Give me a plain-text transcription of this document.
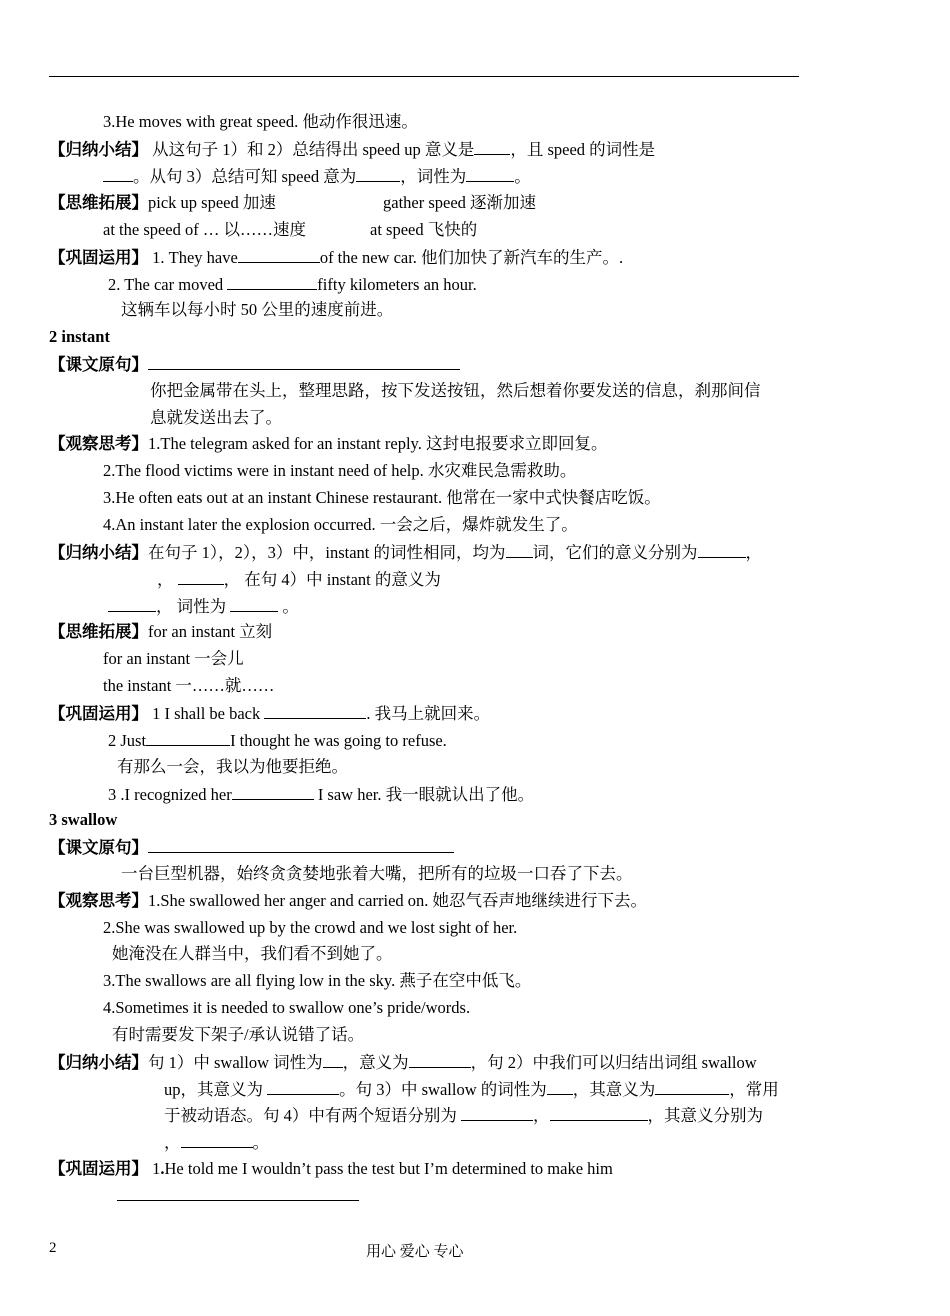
3.He moves with great speed. 他动作很迅速。
【归纳小结】 从这句子 1）和 2）总结得出 speed up 意义是 ，且 speed 的词性是
。从句 3）总结可知 speed 意为	，词性为	。
【思维拓展】pick up speed 加速	gather speed 逐渐加速
at the speed of … 以……速度	at speed 飞快的
【巩固运用】 1. They have	of the new car. 他们加快了新汽车的生产。.
2. The car moved	fifty kilometers an hour.
这辆车以每小时 50 公里的速度前进。
2 instant
【课文原句】
你把金属带在头上，整理思路，按下发送按钮，然后想着你要发送的信息，刹那间信
息就发送出去了。
【观察思考】1.The telegram asked for an instant reply. 这封电报要求立即回复。
2.The flood victims were in instant need of help. 水灾难民急需救助。
3.He often eats out at an instant Chinese restaurant. 他常在一家中式快餐店吃饭。
4.An instant later the explosion occurred. 一会之后，爆炸就发生了。
【归纳小结】在句子 1），2），3）中，instant 的词性相同，均为 词，它们的意义分别为	，
，	， 在句 4）中 instant 的意义为
， 词性为	。
【思维拓展】for an instant 立刻
for an instant 一会儿
the instant 一……就……
【巩固运用】 1 I shall be back	. 我马上就回来。
2 Just	I thought he was going to refuse.
有那么一会，我以为他要拒绝。
3 .I recognized her	I saw her. 我一眼就认出了他。
3 swallow
【课文原句】
一台巨型机器，始终贪贪婪地张着大嘴，把所有的垃圾一口吞了下去。
【观察思考】1.She swallowed her anger and carried on. 她忍气吞声地继续进行下去。
2.She was swallowed up by the crowd and we lost sight of her.
她淹没在人群当中，我们看不到她了。
3.The swallows are all flying low in the sky. 燕子在空中低飞。
4.Sometimes it is needed to swallow one’s pride/words.
有时需要发下架子/承认说错了话。
【归纳小结】句 1）中 swallow 词性为 ，意义为	，句 2）中我们可以归结出词组 swallow
up，其意义为	。句 3）中 swallow 的词性为 ，其意义为	，常用
于被动语态。句 4）中有两个短语分别为	，	，其意义分别为
，	。
【巩固运用】 1.He told me I wouldn’t pass the test but I’m determined to make him
2	用心 爱心 专心
